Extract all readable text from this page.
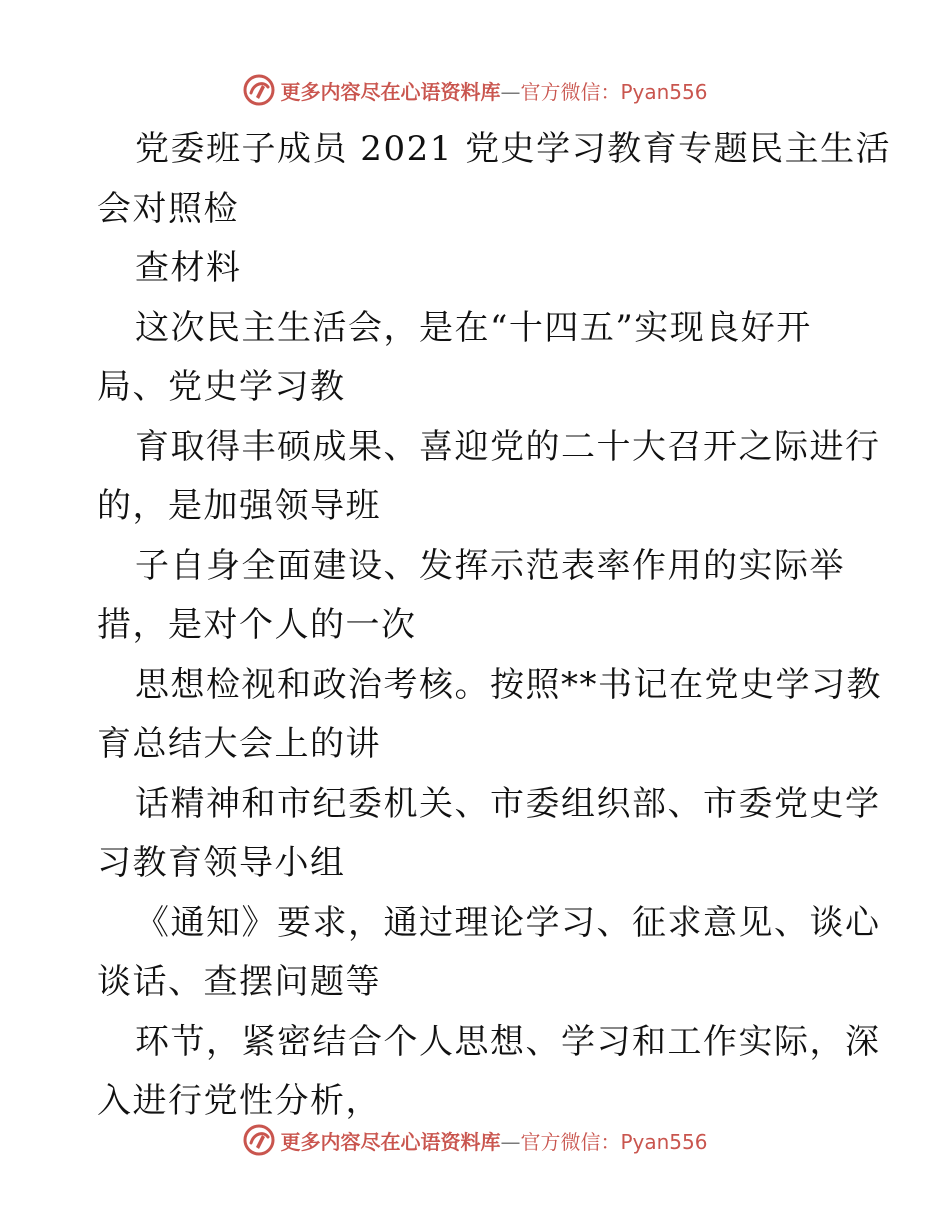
更多内容尽在心语资料库—官方微信：Pyan556
党委班子成员 2021 党史学习教育专题民主生活
会对照检
查材料
这次民主生活会，是在“十四五”实现良好开
局、党史学习教
育取得丰硕成果、喜迎党的二十大召开之际进行
的，是加强领导班
子自身全面建设、发挥示范表率作用的实际举
措，是对个人的一次
思想检视和政治考核。按照**书记在党史学习教
育总结大会上的讲
话精神和市纪委机关、市委组织部、市委党史学
习教育领导小组
《通知》要求，通过理论学习、征求意见、谈心
谈话、查摆问题等
环节，紧密结合个人思想、学习和工作实际，深
入进行党性分析，
更多内容尽在心语资料库—官方微信：Pyan556
